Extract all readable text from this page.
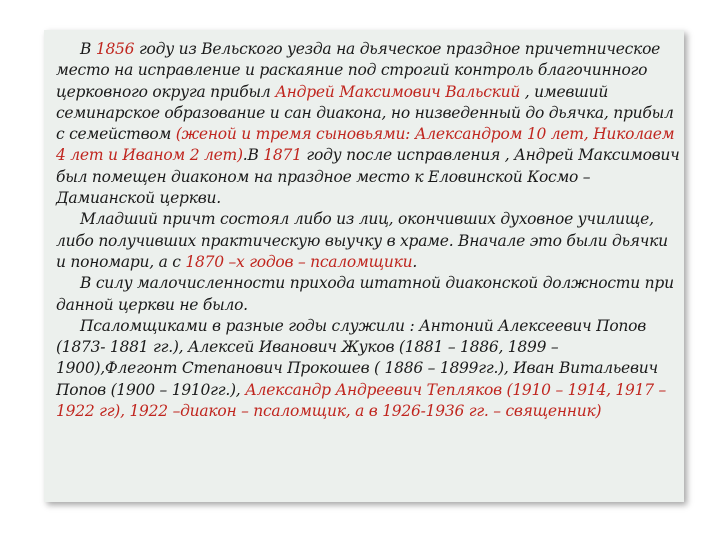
В 1856 году из Вельского уезда на дьяческое праздное причетническое место на исправление и раскаяние под строгий контроль благочинного церковного округа прибыл Андрей Максимович Вальский , имевший семинарское образование и сан диакона, но низведенный до дьячка, прибыл с семейством (женой и тремя сыновьями: Александром 10 лет, Николаем 4 лет и Иваном 2 лет).В 1871 году после исправления , Андрей Максимович был помещен диаконом на праздное место к Еловинской Космо – Дамианской церкви.

Младший причт состоял либо из лиц, окончивших духовное училище, либо получивших практическую выучку в храме. Вначале это были дьячки и пономари, а с 1870 –х годов – псаломщики.

В силу малочисленности прихода штатной диаконской должности при данной церкви не было.

Псаломщиками в разные годы служили : Антоний Алексеевич Попов (1873- 1881 гг.), Алексей Иванович Жуков (1881 – 1886, 1899 – 1900),Флегонт Степанович Прокошев ( 1886 – 1899гг.), Иван Витальевич Попов (1900 – 1910гг.), Александр Андреевич Тепляков (1910 – 1914, 1917 – 1922 гг), 1922 –диакон – псаломщик, а в 1926-1936 гг. – священник)
